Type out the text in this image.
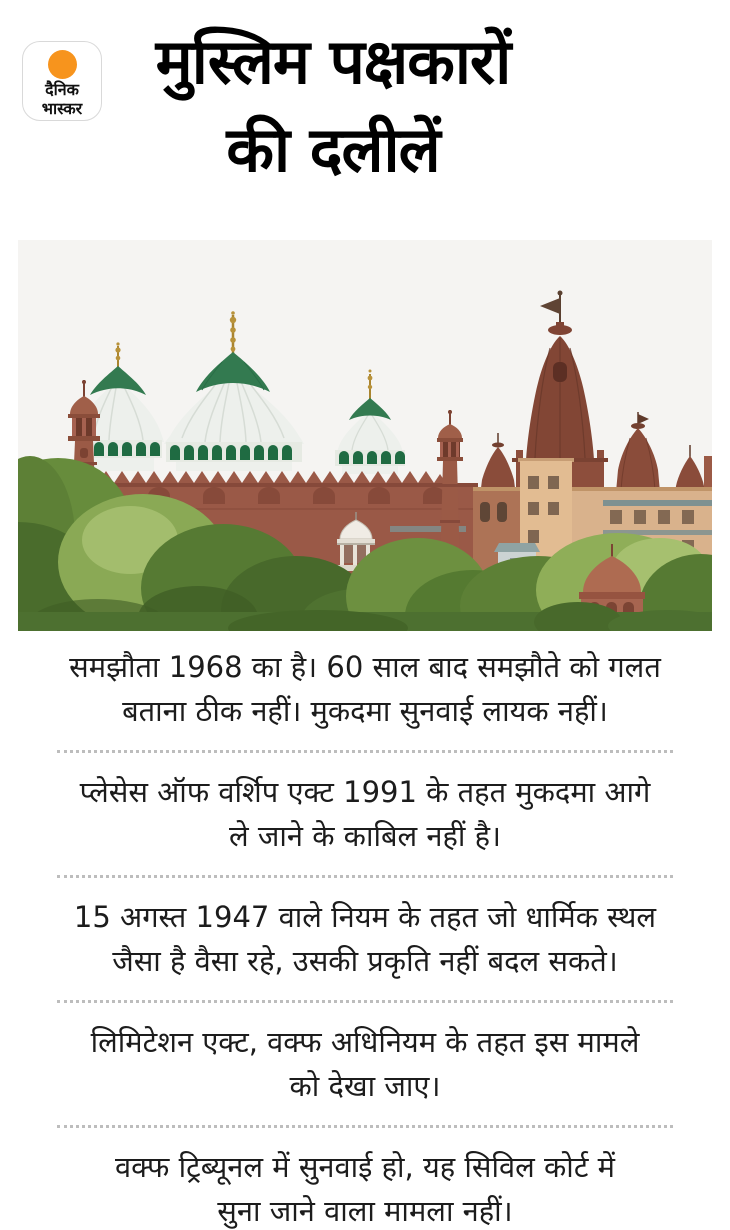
दैनिक
भास्कर
मुस्लिम पक्षकारों
की दलीलें

समझौता 1968 का है। 60 साल बाद समझौते को गलत

बताना ठीक नहीं। मुकदमा सुनवाई लायक नहीं।

प्लेसेस ऑफ वर्शिप एक्ट 1991 के तहत मुकदमा आगे

ले जाने के काबिल नहीं है।

15 अगस्त 1947 वाले नियम के तहत जो धार्मिक स्थल

जैसा है वैसा रहे, उसकी प्रकृति नहीं बदल सकते।

लिमिटेशन एक्ट, वक्फ अधिनियम के तहत इस मामले

को देखा जाए।

वक्फ ट्रिब्यूनल में सुनवाई हो, यह सिविल कोर्ट में

सुना जाने वाला मामला नहीं।
